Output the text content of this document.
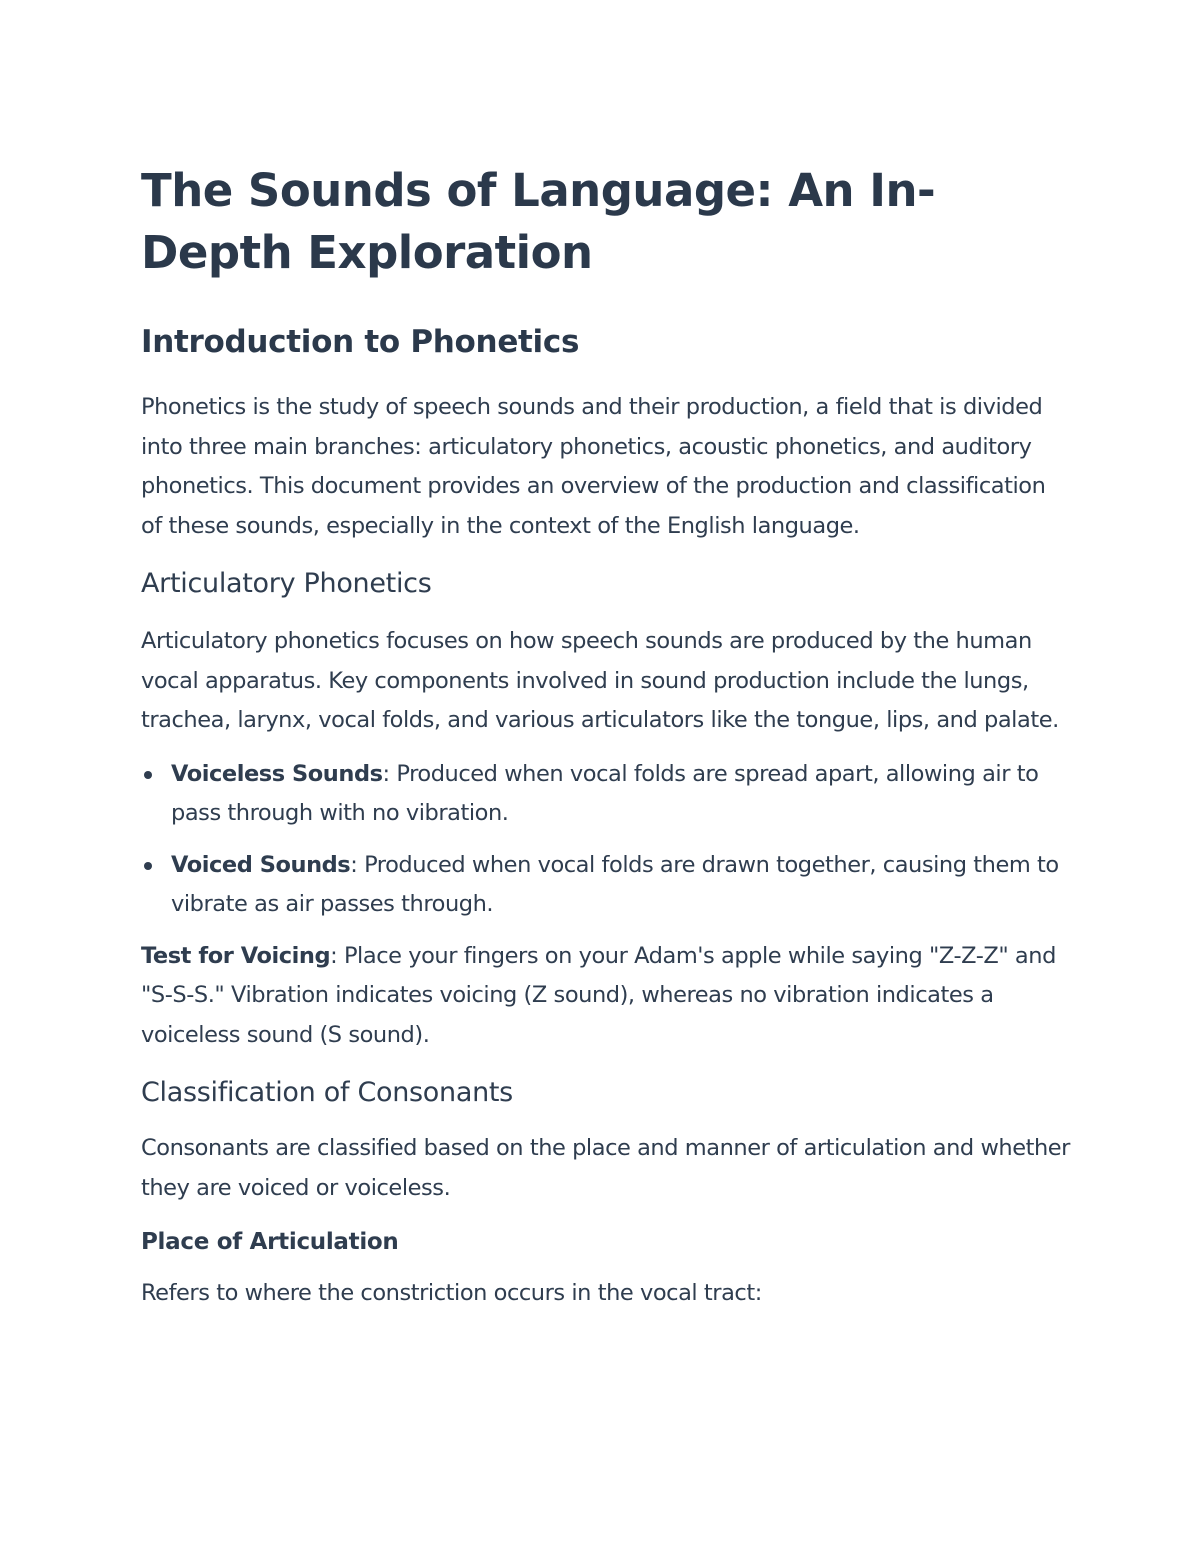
The Sounds of Language: An In-Depth Exploration
Introduction to Phonetics

Phonetics is the study of speech sounds and their production, a field that is divided into three main branches: articulatory phonetics, acoustic phonetics, and auditory phonetics. This document provides an overview of the production and classification of these sounds, especially in the context of the English language.

Articulatory Phonetics

Articulatory phonetics focuses on how speech sounds are produced by the human vocal apparatus. Key components involved in sound production include the lungs, trachea, larynx, vocal folds, and various articulators like the tongue, lips, and palate.

Voiceless Sounds: Produced when vocal folds are spread apart, allowing air to pass through with no vibration.
Voiced Sounds: Produced when vocal folds are drawn together, causing them to vibrate as air passes through.

Test for Voicing: Place your fingers on your Adam's apple while saying "Z-Z-Z" and "S-S-S." Vibration indicates voicing (Z sound), whereas no vibration indicates a voiceless sound (S sound).

Classification of Consonants

Consonants are classified based on the place and manner of articulation and whether they are voiced or voiceless.

Place of Articulation

Refers to where the constriction occurs in the vocal tract:
